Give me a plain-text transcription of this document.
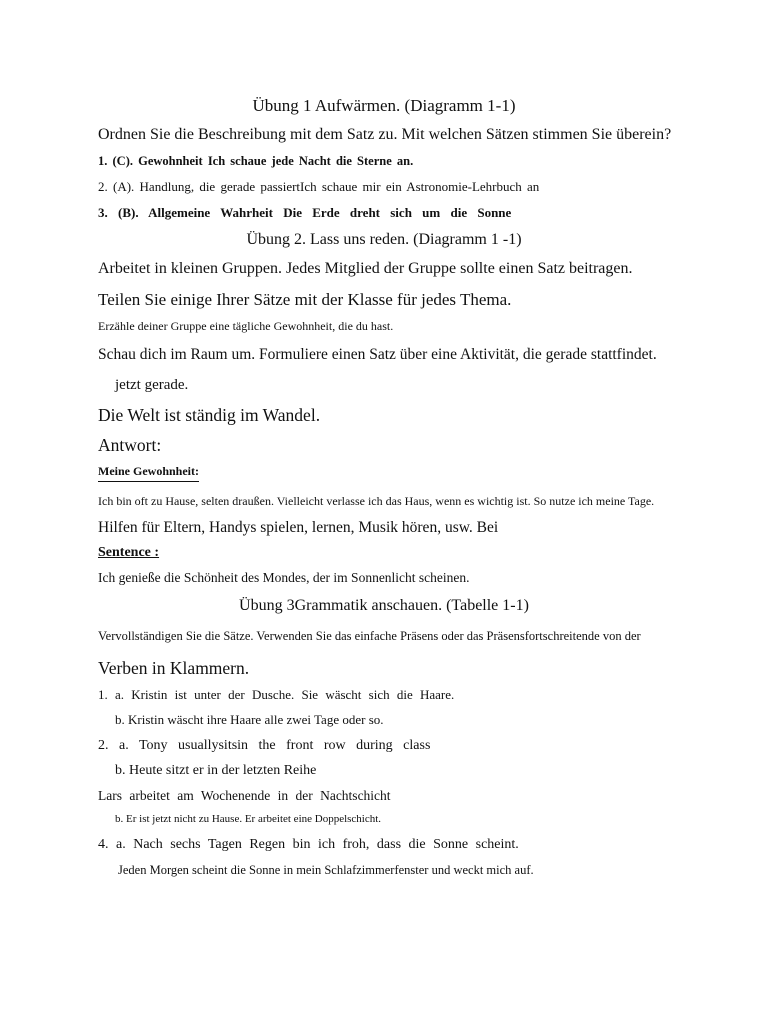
Übung 1 Aufwärmen. (Diagramm 1-1)
Ordnen Sie die Beschreibung mit dem Satz zu. Mit welchen Sätzen stimmen Sie überein?
1. (C). Gewohnheit Ich schaue jede Nacht die Sterne an.
2. (A). Handlung, die gerade passiertIch schaue mir ein Astronomie-Lehrbuch an
3. (B). Allgemeine Wahrheit Die Erde dreht sich um die Sonne
Übung 2. Lass uns reden. (Diagramm 1 -1)
Arbeitet in kleinen Gruppen. Jedes Mitglied der Gruppe sollte einen Satz beitragen.
Teilen Sie einige Ihrer Sätze mit der Klasse für jedes Thema.
Erzähle deiner Gruppe eine tägliche Gewohnheit, die du hast.
Schau dich im Raum um. Formuliere einen Satz über eine Aktivität, die gerade stattfindet.
jetzt gerade.
Die Welt ist ständig im Wandel.
Antwort:
Meine Gewohnheit:
Ich bin oft zu Hause, selten draußen. Vielleicht verlasse ich das Haus, wenn es wichtig ist. So nutze ich meine Tage.
Hilfen für Eltern, Handys spielen, lernen, Musik hören, usw. Bei
Sentence :
Ich genieße die Schönheit des Mondes, der im Sonnenlicht scheinen.
Übung 3Grammatik anschauen. (Tabelle 1-1)
Vervollständigen Sie die Sätze. Verwenden Sie das einfache Präsens oder das Präsensfortschreitende von der
Verben in Klammern.
1. a. Kristin ist unter der Dusche. Sie wäscht sich die Haare.
b. Kristin wäscht ihre Haare alle zwei Tage oder so.
2. a. Tony usuallysitsin the front row during class
b. Heute sitzt er in der letzten Reihe
Lars arbeitet am Wochenende in der Nachtschicht
b. Er ist jetzt nicht zu Hause. Er arbeitet eine Doppelschicht.
4. a. Nach sechs Tagen Regen bin ich froh, dass die Sonne scheint.
Jeden Morgen scheint die Sonne in mein Schlafzimmerfenster und weckt mich auf.
